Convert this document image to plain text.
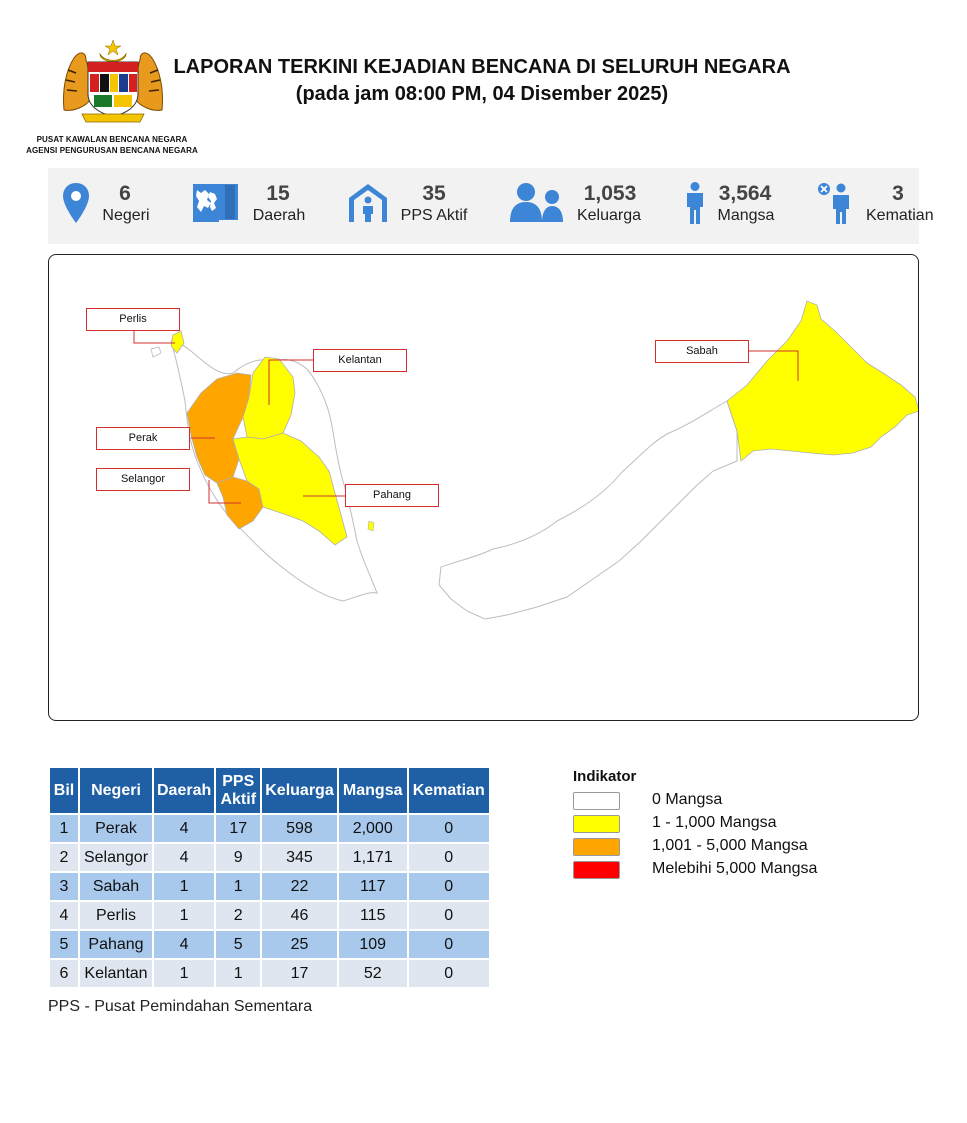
PUSAT KAWALAN BENCANA NEGARA
AGENSI PENGURUSAN BENCANA NEGARA
LAPORAN TERKINI KEJADIAN BENCANA DI SELURUH NEGARA
(pada jam 08:00 PM, 04 Disember 2025)
6
Negeri
15
Daerah
35
PPS Aktif
1,053
Keluarga
3,564
Mangsa
3
Kematian
Perlis
Kelantan
Perak
Selangor
Pahang
Sabah
Bil	Negeri	Daerah	PPS Aktif	Keluarga	Mangsa	Kematian
1	Perak	4	17	598	2,000	0
2	Selangor	4	9	345	1,171	0
3	Sabah	1	1	22	117	0
4	Perlis	1	2	46	115	0
5	Pahang	4	5	25	109	0
6	Kelantan	1	1	17	52	0
PPS - Pusat Pemindahan Sementara
Indikator
0 Mangsa
1 - 1,000 Mangsa
1,001 - 5,000 Mangsa
Melebihi 5,000 Mangsa
